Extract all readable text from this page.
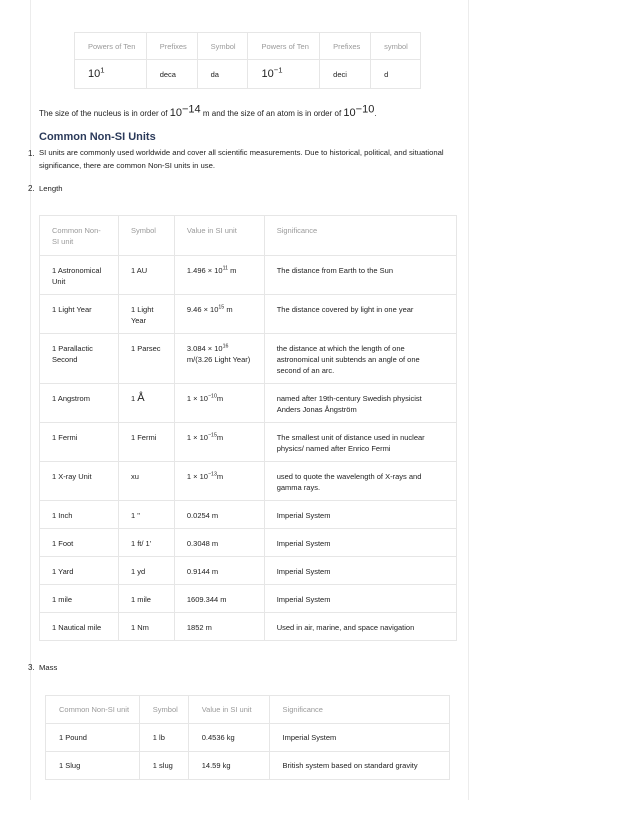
Powers of Ten	Prefixes	Symbol	Powers of Ten	Prefixes	symbol
$10^1$	deca	da	$10^{-1}$	deci	d
The size of the nucleus is in order of $10^{-14}$ m and the size of an atom is in order of $10^{-10}$.
Common Non-SI Units
1. SI units are commonly used worldwide and cover all scientific measurements. Due to historical, political, and situational significance, there are common Non-SI units in use.
2. Length
Common Non-SI unit	Symbol	Value in SI unit	Significance
1 Astronomical Unit	1 AU	$1.496 \times 10^{11}$ m	The distance from Earth to the Sun
1 Light Year	1 Light Year	$9.46 \times 10^{15}$ m	The distance covered by light in one year
1 Parallactic Second	1 Parsec	$3.084 \times 10^{16}$ m/(3.26 Light Year)	the distance at which the length of one astronomical unit subtends an angle of one second of an arc.
1 Angstrom	1 Å	$1 \times 10^{-10}m$	named after 19th-century Swedish physicist Anders Jonas Ångström
1 Fermi	1 Fermi	$1 \times 10^{-15}m$	The smallest unit of distance used in nuclear physics/ named after Enrico Fermi
1 X-ray Unit	xu	$1 \times 10^{-13}m$	used to quote the wavelength of X-rays and gamma rays.
1 Inch	1 "	0.0254 m	Imperial System
1 Foot	1 ft/ 1'	0.3048 m	Imperial System
1 Yard	1 yd	0.9144 m	Imperial System
1 mile	1 mile	1609.344 m	Imperial System
1 Nautical mile	1 Nm	1852 m	Used in air, marine, and space navigation
3. Mass
Common Non-SI unit	Symbol	Value in SI unit	Significance
1 Pound	1 lb	0.4536 kg	Imperial System
1 Slug	1 slug	14.59 kg	British system based on standard gravity
